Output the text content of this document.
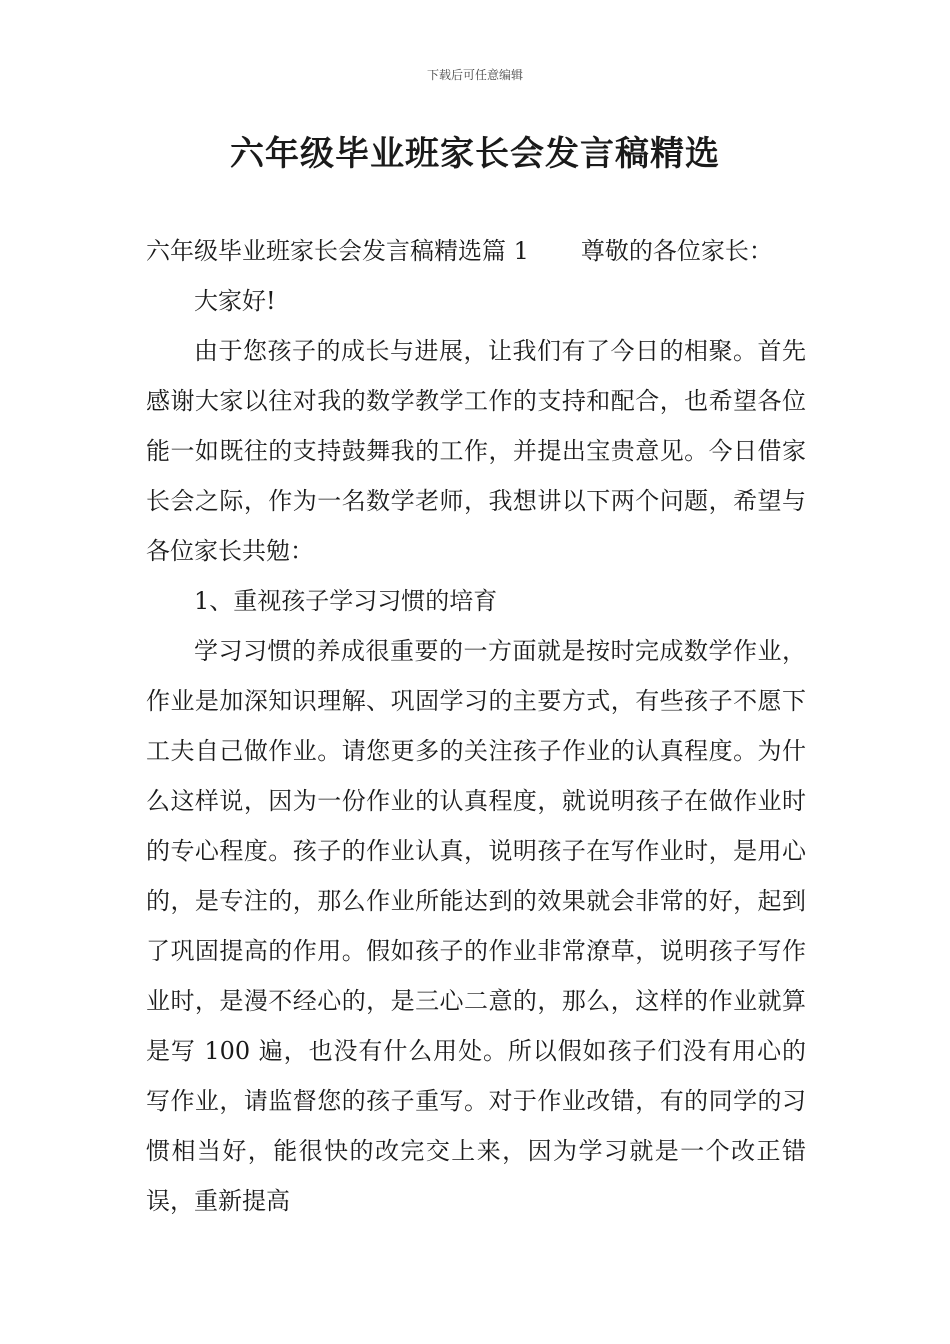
下载后可任意编辑
六年级毕业班家长会发言稿精选

六年级毕业班家长会发言稿精选篇 1 尊敬的各位家长：

大家好!

由于您孩子的成长与进展，让我们有了今日的相聚。首先感谢大家以往对我的数学教学工作的支持和配合，也希望各位能一如既往的支持鼓舞我的工作，并提出宝贵意见。今日借家长会之际，作为一名数学老师，我想讲以下两个问题，希望与各位家长共勉：

1、重视孩子学习习惯的培育

学习习惯的养成很重要的一方面就是按时完成数学作业，作业是加深知识理解、巩固学习的主要方式，有些孩子不愿下工夫自己做作业。请您更多的关注孩子作业的认真程度。为什么这样说，因为一份作业的认真程度，就说明孩子在做作业时的专心程度。孩子的作业认真，说明孩子在写作业时，是用心的，是专注的，那么作业所能达到的效果就会非常的好，起到了巩固提高的作用。假如孩子的作业非常潦草，说明孩子写作业时，是漫不经心的，是三心二意的，那么，这样的作业就算是写 100 遍，也没有什么用处。所以假如孩子们没有用心的写作业，请监督您的孩子重写。对于作业改错，有的同学的习惯相当好，能很快的改完交上来，因为学习就是一个改正错误，重新提高
